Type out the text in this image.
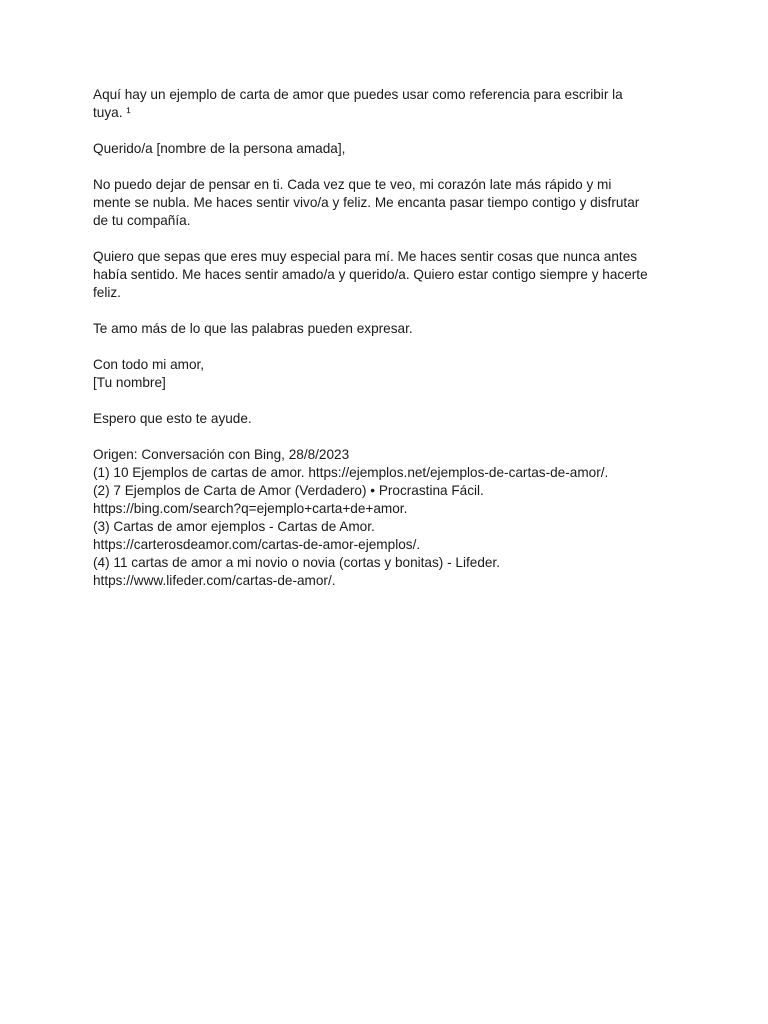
Aquí hay un ejemplo de carta de amor que puedes usar como referencia para escribir la
tuya. ¹

Querido/a [nombre de la persona amada],

No puedo dejar de pensar en ti. Cada vez que te veo, mi corazón late más rápido y mi
mente se nubla. Me haces sentir vivo/a y feliz. Me encanta pasar tiempo contigo y disfrutar
de tu compañía.

Quiero que sepas que eres muy especial para mí. Me haces sentir cosas que nunca antes
había sentido. Me haces sentir amado/a y querido/a. Quiero estar contigo siempre y hacerte
feliz.

Te amo más de lo que las palabras pueden expresar.

Con todo mi amor,
[Tu nombre]

Espero que esto te ayude.

Origen: Conversación con Bing, 28/8/2023
(1) 10 Ejemplos de cartas de amor. https://ejemplos.net/ejemplos-de-cartas-de-amor/.
(2) 7 Ejemplos de Carta de Amor (Verdadero) • Procrastina Fácil.
https://bing.com/search?q=ejemplo+carta+de+amor.
(3) Cartas de amor ejemplos - Cartas de Amor.
https://carterosdeamor.com/cartas-de-amor-ejemplos/.
(4) 11 cartas de amor a mi novio o novia (cortas y bonitas) - Lifeder.
https://www.lifeder.com/cartas-de-amor/.
